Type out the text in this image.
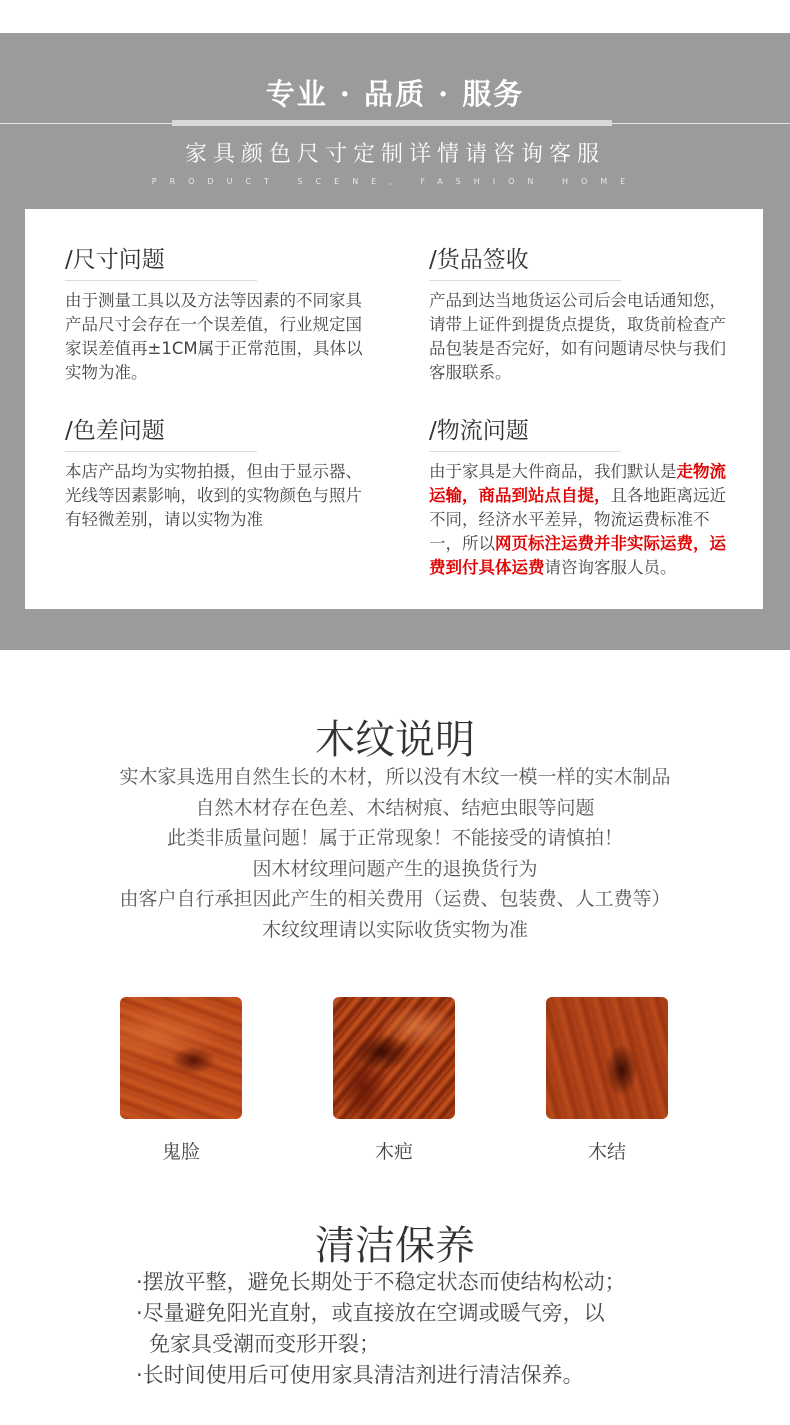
专业 · 品质 · 服务
家具颜色尺寸定制详情请咨询客服
PRODUCT SCENE, FASHION HOME
/尺寸问题

由于测量工具以及方法等因素的不同家具产品尺寸会存在一个误差值，行业规定国家误差值再±1CM属于正常范围，具体以实物为准。

/货品签收

产品到达当地货运公司后会电话通知您，请带上证件到提货点提货，取货前检查产品包装是否完好，如有问题请尽快与我们客服联系。

/色差问题

本店产品均为实物拍摄，但由于显示器、光线等因素影响，收到的实物颜色与照片有轻微差别，请以实物为准

/物流问题

由于家具是大件商品，我们默认是走物流运输，商品到站点自提，且各地距离远近不同，经济水平差异，物流运费标准不一，所以网页标注运费并非实际运费，运费到付具体运费请咨询客服人员。

木纹说明
实木家具选用自然生长的木材，所以没有木纹一模一样的实木制品
自然木材存在色差、木结树痕、结疤虫眼等问题
此类非质量问题！属于正常现象！不能接受的请慎拍！
因木材纹理问题产生的退换货行为
由客户自行承担因此产生的相关费用（运费、包装费、人工费等）
木纹纹理请以实际收货实物为准
鬼脸	木疤	木结
清洁保养
·摆放平整，避免长期处于不稳定状态而使结构松动；
·尽量避免阳光直射，或直接放在空调或暖气旁，以
免家具受潮而变形开裂；
·长时间使用后可使用家具清洁剂进行清洁保养。
